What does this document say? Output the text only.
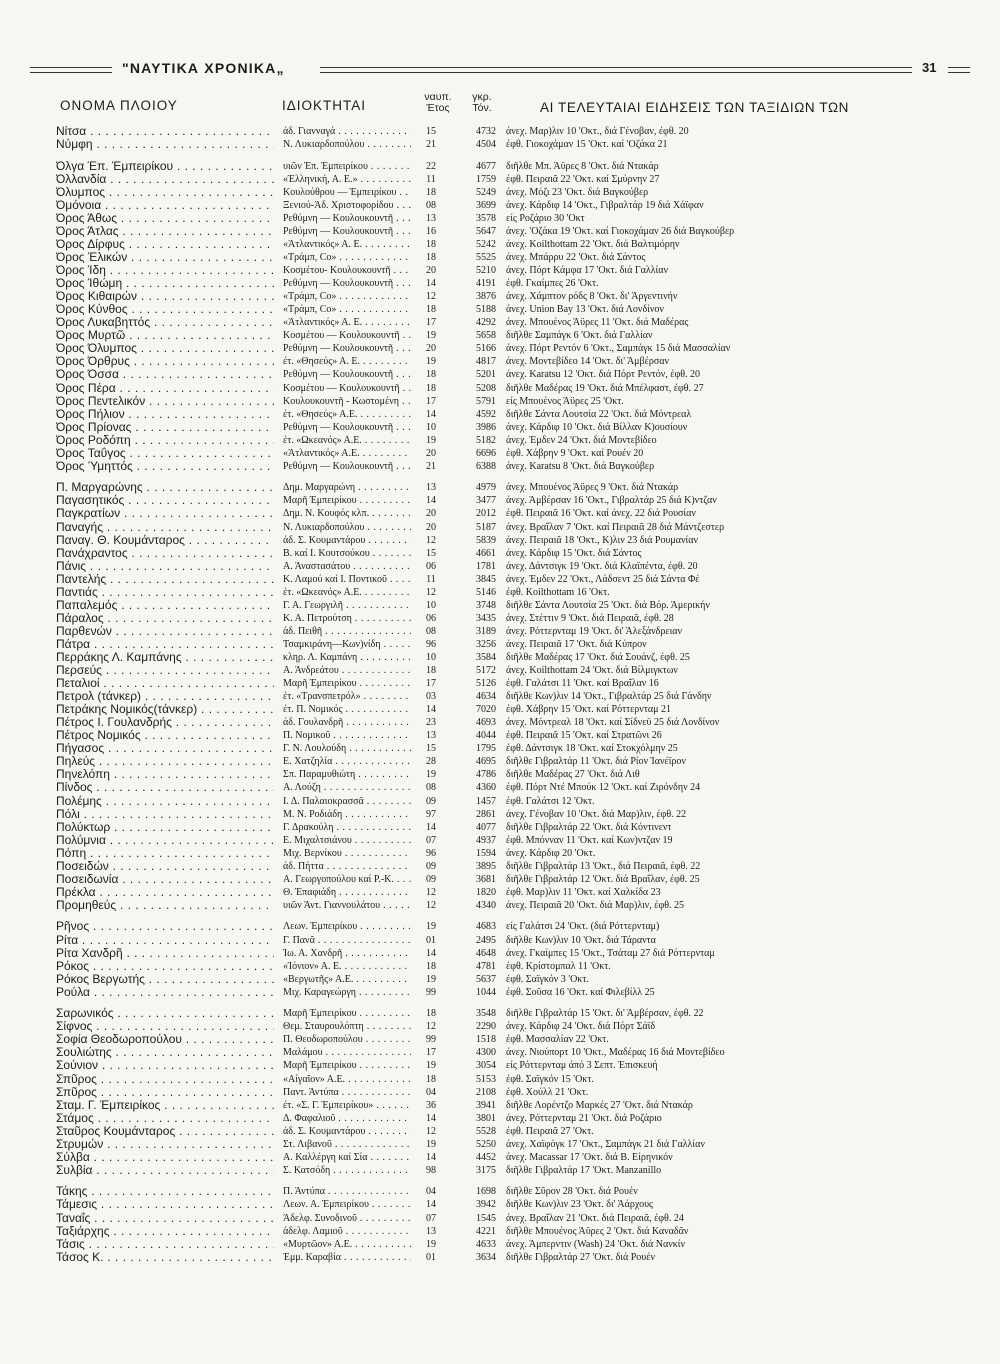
"ΝΑΥΤΙΚΑ ΧΡΟΝΙΚΑ„	31
ΟΝΟΜΑ ΠΛΟΙΟΥ	ΙΔΙΟΚΤΗΤΑΙ
ναυπ. Έτος
γκρ. Τόν.	ΑΙ ΤΕΛΕΥΤΑΙΑΙ ΕΙΔΗΣΕΙΣ ΤΩΝ ΤΑΞΙΔΙΩΝ ΤΩΝ
Νίτσα . . .	άδ. Γιανναγά . . .	15	4732 άνεχ. Μαρ)λιν 10 'Οκτ., διά Γένοβαν, έφθ. 20
Νύμφη . . .	Ν. Λυκιαρδοπούλου . . .	21	4504 έφθ. Γιοκοχάμαν 15 'Οκτ. καί 'Οζάκα 21
Όλγα Έπ. Έμπειρίκου . . .	υιῶν Έπ. Έμπειρίκου . . .	22	4677 διῆλθε Μπ. Άϋρες 8 'Οκτ. διά Ντακάρ
Όλλανδία . . .	«Έλληνική, Α. Ε.» . . .	11	1759 έφθ. Πειραιᾶ 22 'Οκτ. καί Σμύρνην 27
Όλυμπος . . .	Κουλούθρου — Έμπειρίκου . . .	18	5249 άνεχ. Μόζι 23 'Οκτ. διά Βαγκούβερ
Όμόνοια . . .	Ξενιού-Άδ. Χριστοφορίδου . . .	08	3699 άνεχ. Κάρδιφ 14 'Οκτ., Γιβραλτάρ 19 διά Χάϊφαν
Όρος Άθως . . .	Ρεθύμνη — Κουλουκουντῆ . . .	13	3578 είς Ροζάριο 30 'Οκτ
Όρος Άτλας . . .	Ρεθύμνη — Κουλουκουντῆ . . .	16	5647 άνεχ. 'Οζάκα 19 'Οκτ. καί Γιοκοχάμαν 26 διά Βαγκούβερ
Όρος Δίρφυς . . .	«Άτλαντικός» Α. Ε. . . .	18	5242 άνεχ. Koilthottam 22 'Οκτ. διά Βαλτιμόρην
Όρος Έλικών . . .	«Τράμπ, Co» . . .	18	5525 άνεχ. Μπάρρυ 22 'Οκτ. διά Σάντος
Όρος Ίδη . . .	Κοσμέτου- Κουλουκουντῆ . . .	20	5210 άνεχ. Πόρτ Κάμφα 17 'Οκτ. διά Γαλλίαν
Όρος Ίθώμη . . .	Ρεθύμνη — Κουλουκουντῆ . . .	14	4191 έφθ. Γκαίμπες 26 'Οκτ.
Όρος Κιθαιρών . . .	«Τράμπ, Co» . . .	12	3876 άνεχ. Χάμπτον ρόδς 8 'Οκτ. δι' Άργεντινήν
Όρος Κύνθος . . .	«Τράμπ, Co» . . .	18	5188 άνεχ. Union Bay 13 'Οκτ. διά Λονδίνον
Όρος Λυκαβηττός . . .	«Άτλαντικός» Α. Ε. . . .	17	4292 άνεχ. Μπουένος Άϋρες 11 'Οκτ. διά Μαδέρας
Όρος Μυρτῶ . . .	Κοσμέτου — Κουλουκουντῆ . . .	19	5658 διῆλθε Σαμπάγκ 6 'Οκτ. διά Γαλλίαν
Όρος Όλυμπος . . .	Ρεθύμνη — Κουλουκουντῆ . . .	20	5166 άνεχ. Πόρτ Ρεντόν 6 'Οκτ., Σαμπάγκ 15 διά Μασσαλίαν
Όρος Όρθρυς . . .	έτ. «Θησεύς» Α. Ε. . . .	19	4817 άνεχ. Μοντεβίδεο 14 'Οκτ. δι' Άμβέρσαν
Όρος Όσσα . . .	Ρεθύμνη — Κουλουκουντῆ . . .	18	5201 άνεχ. Karatsu 12 'Οκτ. διά Πόρτ Ρεντόν, έφθ. 20
Όρος Πέρα . . .	Κοσμέτου — Κουλουκουντῆ . . .	18	5208 διῆλθε Μαδέρας 19 'Οκτ. διά Μπέλφαστ, έφθ. 27
Όρος Πεντελικόν . . .	Κουλουκουντῆ - Κωστομένη . . .	17	5791 είς Μπουένος Άϋρες 25 'Οκτ.
Όρος Πήλιον . . .	έτ. «Θησεύς» Α.Ε. . . .	14	4592 διῆλθε Σάντα Λουτσία 22 'Οκτ. διά Μόντρεαλ
Όρος Πρίονας . . .	Ρεθύμνη — Κουλουκουντῆ . . .	10	3986 άνεχ. Κάρδιφ 10 'Οκτ. διά Βίλλαν Κ)ουσίουν
Όρος Ροδόπη . . .	έτ. «Ωκεανός» Α.Ε. . . .	19	5182 άνεχ. Έμδεν 24 'Οκτ. διά Μοντεβίδεο
Όρος Ταΰγος . . .	«Άτλαντικός» Α.Ε. . . .	20	6696 έφθ. Χάβρην 9 'Οκτ. καί Ρουέν 20
Όρος Ύμηττός . . .	Ρεθύμνη — Κουλουκουντῆ . . .	21	6388 άνεχ. Karatsu 8 'Οκτ. διά Βαγκούβερ
Π. Μαργαρώνης . . .	Δημ. Μαργαρώνη . . .	13	4979 άνεχ. Μπουένος Άϋρες 9 'Οκτ. διά Ντακάρ
Παγασητικός . . .	Μαρῆ Έμπειρίκου . . .	14	3477 άνεχ. Άμβέρσαν 16 'Οκτ., Γιβραλτάρ 25 διά Κ)ντζαν
Παγκρατίων . . .	Δημ. Ν. Κουφός κλπ. . . .	20	2012 έφθ. Πειραιᾶ 16 'Οκτ. καί άνεχ. 22 διά Ρουσίαν
Παναγής . . .	Ν. Λυκιαρδοπούλου . . .	20	5187 άνεχ. Βραΐλαν 7 'Οκτ. καί Πειραιᾶ 28 διά Μάντζεστερ
Παναγ. Θ. Κουμάνταρος . . .	άδ. Σ. Κουμαντάρου . . .	12	5839 άνεχ. Πειραιᾶ 18 'Οκτ., Κ)λιν 23 διά Ρουμανίαν
Πανάχραντος . . .	Β. καί Ι. Κουτσούκου . . .	15	4661 άνεχ. Κάρδιφ 15 'Οκτ. διά Σάντος
Πάνις . . .	Α. Άναστασάτου . . .	06	1781 άνεχ. Δάντσιγκ 19 'Οκτ. διά Κλαϊπέντα, έφθ. 20
Παντελής . . .	Κ. Λαμού καί Ι. Ποντικοῦ . . .	11	3845 άνεχ. Έμδεν 22 'Οκτ., Λάδσεντ 25 διά Σάντα Φέ
Παντιάς . . .	έτ. «Ωκεανός» Α.Ε. . . .	12	5146 έφθ. Koilthottam 16 'Οκτ.
Παπαλεμός . . .	Γ. Α. Γεωργιλῆ . . .	10	3748 διῆλθε Σάντα Λουτσία 25 'Οκτ. διά Βόρ. Άμερικήν
Πάραλος . . .	Κ. Α. Πετρούτση . . .	06	3435 άνεχ. Στέττιν 9 'Οκτ. διά Πειραιᾶ, έφθ. 28
Παρθενών . . .	άδ. Πειθῆ . . .	08	3189 άνεχ. Ρόττερνταμ 19 'Οκτ. δι' Άλεξάνδρειαν
Πάτρα . . .	Τσαμκιράνη—Κων)νίδη . . .	96	3256 άνεχ. Πειραιᾶ 17 'Οκτ. διά Κύπρον
Περράκης Λ. Καμπάνης . . .	κληρ. Λ. Καμπάνη . . .	10	3584 διῆλθε Μαδέρας 17 'Οκτ. διά Σουάνζ, έφθ. 25
Περσεύς . . .	Α. Άνδρεάτου . . .	18	5172 άνεχ. Koilthottam 24 'Οκτ. διά Βίλμιγκτων
Πεταλιοί . . .	Μαρῆ Έμπειρίκου . . .	17	5126 έφθ. Γαλάτσι 11 'Οκτ. καί Βραΐλαν 16
Πετρολ (τάνκερ) . . .	έτ. «Τρανσπετρόλ» . . .	03	4634 διῆλθε Κων)λιν 14 'Οκτ., Γιβραλτάρ 25 διά Γάνδην
Πετράκης Νομικός(τάνκερ) . . .	έτ. Π. Νομικός . . .	14	7020 έφθ. Χάβρην 15 'Οκτ. καί Ρόττερνταμ 21
Πέτρος Ι. Γουλανδρής . . .	άδ. Γουλανδρῆ . . .	23	4693 άνεχ. Μόντρεαλ 18 'Οκτ. καί Σίδνεϋ 25 διά Λονδίνον
Πέτρος Νομικός . . .	Π. Νομικοῦ . . .	13	4044 έφθ. Πειραιᾶ 15 'Οκτ. καί Στρατῶνι 26
Πήγασος . . .	Γ. Ν. Λουλούδη . . .	15	1795 έφθ. Δάντσιγκ 18 'Οκτ. καί Στοκχόλμην 25
Πηλεύς . . .	Ε. Χατζηλία . . .	28	4695 διῆλθε Γιβραλτάρ 11 'Οκτ. διά Ρίον Ίανέϊρον
Πηνελόπη . . .	Σπ. Παραμυθιώτη . . .	19	4786 διῆλθε Μαδέρας 27 'Οκτ. διά Λιθ
Πίνδος . . .	Α. Λούζη . . .	08	4360 έφθ. Πόρτ Ντέ Μπούκ 12 'Οκτ. καί Ζιρόνδην 24
Πολέμης . . .	Ι. Δ. Παλαιοκρασσᾶ . . .	09	1457 έφθ. Γαλάτσι 12 'Οκτ.
Πόλι . . .	Μ. Ν. Ροδιάδη . . .	97	2861 άνεχ. Γένοβαν 10 'Οκτ. διά Μαρ)λιν, έφθ. 22
Πολύκτωρ . . .	Γ. Δρακούλη . . .	14	4077 διῆλθε Γιβραλτάρ 22 'Οκτ. διά Κόντινεντ
Πολύμνια . . .	Ε. Μιχαλτσιάνου . . .	07	4937 έφθ. Μπόνναν 11 'Οκτ. καί Κων)ντζαν 19
Πόπη . . .	Μιχ. Βερνίκου . . .	96	1594 άνεχ. Κάρδιφ 20 'Οκτ.
Ποσειδών . . .	άδ. Πήττα . . .	09	3895 διῆλθε Γιβραλτάρ 13 'Οκτ., διά Πειραιᾶ, έφθ. 22
Ποσειδωνία . . .	Α. Γεωργοπούλου καί Ρ.-Κ. . . .	09	3681 διῆλθε Γιβραλτάρ 12 'Οκτ. διά Βραΐλαν, έφθ. 25
Πρέκλα . . .	Θ. Έπαφιάδη . . .	12	1820 έφθ. Μαρ)λιν 11 'Οκτ. καί Χαλκίδα 23
Προμηθεύς . . .	υιῶν Άντ. Γιαννουλάτου . . .	12	4340 άνεχ. Πειραιᾶ 20 'Οκτ. διά Μαρ)λιν, έφθ. 25
Ρῆνος . . .	Λεων. Έμπειρίκου . . .	19	4683 είς Γαλάτσι 24 'Οκτ. (διά Ρόττερνταμ)
Ρίτα . . .	Γ. Πανᾶ . . .	01	2495 διῆλθε Κων)λιν 10 'Οκτ. διά Τάραντα
Ρίτα Χανδρῆ . . .	Ίω. Α. Χανδρῆ . . .	14	4648 άνεχ. Γκαίμπες 15 'Οκτ., Τσάταμ 27 διά Ρόττερνταμ
Ρόκος . . .	«Ίόνιον» Α. Ε. . . .	18	4781 έφθ. Κρίστομπαλ 11 'Οκτ.
Ρόκος Βεργωτής . . .	«Βεργωτῆς» Α.Ε. . . .	19	5637 έφθ. Σαϊγκόν 3 'Οκτ.
Ρούλα . . .	Μιχ. Καραγεώργη . . .	99	1044 έφθ. Σοῦσα 16 'Οκτ. καί Φιλεβίλλ 25
Σαρωνικός . . .	Μαρῆ Έμπειρίκου . . .	18	3548 διῆλθε Γιβραλτάρ 15 'Οκτ. δι' Άμβέρσαν, έφθ. 22
Σίφνος . . .	Θεμ. Σταυρουλόπτη . . .	12	2290 άνεχ. Κάρδιφ 24 'Οκτ. διά Πόρτ Σάϊδ
Σοφία Θεοδωροπούλου . . .	Π. Θεοδωροπούλου . . .	99	1518 έφθ. Μασσαλίαν 22 'Οκτ.
Σουλιώτης . . .	Μαλάμου . . .	17	4300 άνεχ. Νιούπορτ 10 'Οκτ., Μαδέρας 16 διά Μοντεβίδεο
Σούνιον . . .	Μαρῆ Έμπειρίκου . . .	19	3054 είς Ρόττερνταμ άπό 3 Σεπτ. Έπισκευή
Σπῦρος . . .	«Αίγαῖον» Α.Ε. . . .	18	5153 έφθ. Σαϊγκόν 15 'Οκτ.
Σπῦρος . . .	Παντ. Άντύπα . . .	04	2108 έφθ. Χούλλ 21 'Οκτ.
Σταμ. Γ. Έμπειρίκος . . .	έτ. «Σ. Γ. Έμπειρίκου» . . .	36	3941 διῆλθε Λορέντζο Μαρκές 27 'Οκτ. διά Ντακάρ
Στάμος . . .	Δ. Φαφαλιοῦ . . .	14	3801 άνεχ. Ρόττερνταμ 21 'Οκτ. διά Ροζάριο
Σταῦρος Κουμάνταρος . . .	άδ. Σ. Κουμαντάρου . . .	12	5528 έφθ. Πειραιᾶ 27 'Οκτ.
Στρυμών . . .	Στ. Λιβανοῦ . . .	19	5250 άνεχ. Χαϊφόγκ 17 'Οκτ., Σαμπάγκ 21 διά Γαλλίαν
Σύλβα . . .	Α. Καλλέργη καί Σία . . .	14	4452 άνεχ. Macassar 17 'Οκτ. διά Β. Είρηνικόν
Συλβία . . .	Σ. Κατσόδη . . .	98	3175 διῆλθε Γιβραλτάρ 17 'Οκτ. Manzanillo
Τάκης . . .	Π. Άντύπα . . .	04	1698 διῆλθε Σῦρον 28 'Οκτ. διά Ρουέν
Τάμεσις . . .	Λεων. Α. Έμπειρίκου . . .	14	3942 διῆλθε Κων)λιν 23 'Οκτ. δι' Άάρχους
Ταναΐς . . .	Άδελφ. Συνοδινοῦ . . .	07	1545 άνεχ. Βραΐλαν 21 'Οκτ. διά Πειραιᾶ, έφθ. 24
Ταξιάρχης . . .	άδελφ. Λαμιοῦ . . .	13	4221 διῆλθε Μπουένος Άϋρες 2 'Οκτ. διά Καναδᾶν
Τάσις . . .	«Μυρτῶον» Α.Ε. . . .	19	4633 άνεχ. Άμπερντιν (Wash) 24 'Οκτ. διά Νανκίν
Τάσος Κ. . . .	Έμμ. Καραβία . . .	01	3634 διῆλθε Γιβραλτάρ 27 'Οκτ. διά Ρουέν
